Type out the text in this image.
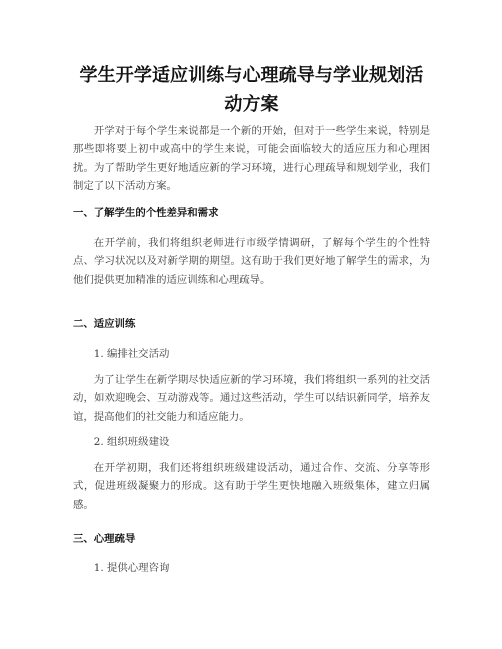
学生开学适应训练与心理疏导与学业规划活动方案

开学对于每个学生来说都是一个新的开始，但对于一些学生来说，特别是那些即将要上初中或高中的学生来说，可能会面临较大的适应压力和心理困扰。为了帮助学生更好地适应新的学习环境，进行心理疏导和规划学业，我们制定了以下活动方案。

一、了解学生的个性差异和需求

在开学前，我们将组织老师进行市级学情调研，了解每个学生的个性特点、学习状况以及对新学期的期望。这有助于我们更好地了解学生的需求，为他们提供更加精准的适应训练和心理疏导。

二、适应训练

1. 编排社交活动

为了让学生在新学期尽快适应新的学习环境，我们将组织一系列的社交活动，如欢迎晚会、互动游戏等。通过这些活动，学生可以结识新同学，培养友谊，提高他们的社交能力和适应能力。

2. 组织班级建设

在开学初期，我们还将组织班级建设活动，通过合作、交流、分享等形式，促进班级凝聚力的形成。这有助于学生更快地融入班级集体，建立归属感。

三、心理疏导

1. 提供心理咨询
